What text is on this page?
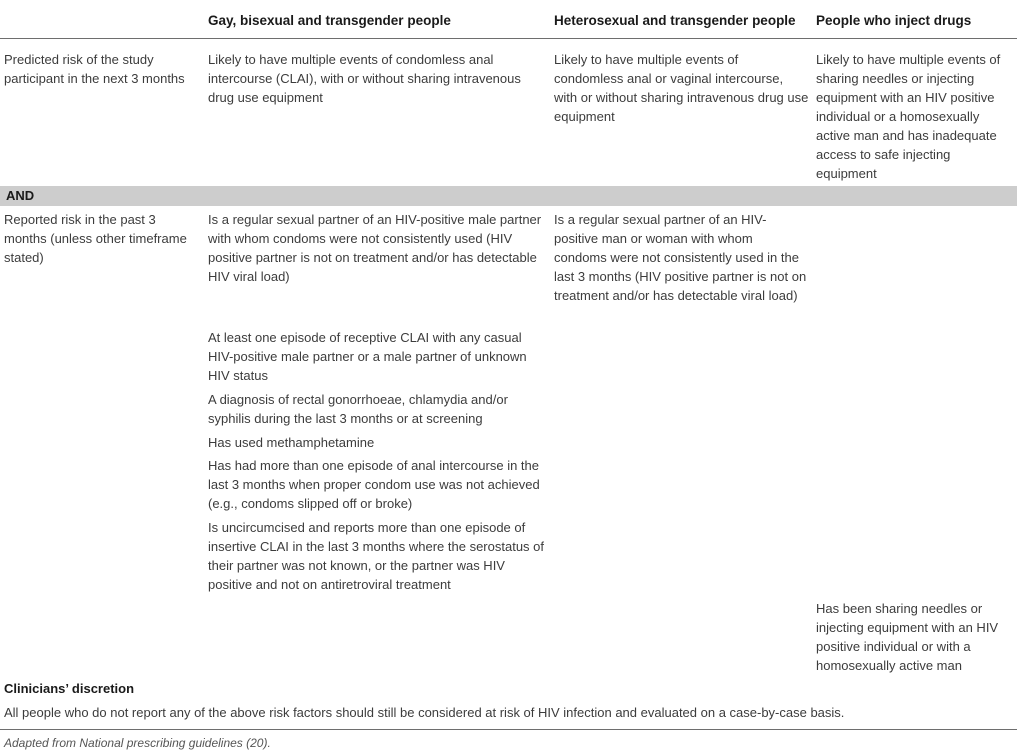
Gay, bisexual and transgender people	Heterosexual and transgender people People who inject drugs
Predicted risk of the study participant in the next 3 months
Likely to have multiple events of condomless anal intercourse (CLAI), with or without sharing intravenous drug use equipment
Likely to have multiple events of condomless anal or vaginal intercourse, with or without sharing intravenous drug use equipment
Likely to have multiple events of sharing needles or injecting equipment with an HIV positive individual or a homosexually active man and has inadequate access to safe injecting equipment
AND
Reported risk in the past 3 months (unless other timeframe stated)
Is a regular sexual partner of an HIV-positive male partner with whom condoms were not consistently used (HIV positive partner is not on treatment and/or has detectable HIV viral load)
At least one episode of receptive CLAI with any casual HIV-positive male partner or a male partner of unknown HIV status
A diagnosis of rectal gonorrhoeae, chlamydia and/or syphilis during the last 3 months or at screening
Has used methamphetamine
Has had more than one episode of anal intercourse in the last 3 months when proper condom use was not achieved (e.g., condoms slipped off or broke)
Is uncircumcised and reports more than one episode of insertive CLAI in the last 3 months where the serostatus of their partner was not known, or the partner was HIV positive and not on antiretroviral treatment
Is a regular sexual partner of an HIV-positive man or woman with whom condoms were not consistently used in the last 3 months (HIV positive partner is not on treatment and/or has detectable viral load)
Has been sharing needles or injecting equipment with an HIV positive individual or with a homosexually active man
Clinicians’ discretion
All people who do not report any of the above risk factors should still be considered at risk of HIV infection and evaluated on a case-by-case basis.
Adapted from National prescribing guidelines (20).
